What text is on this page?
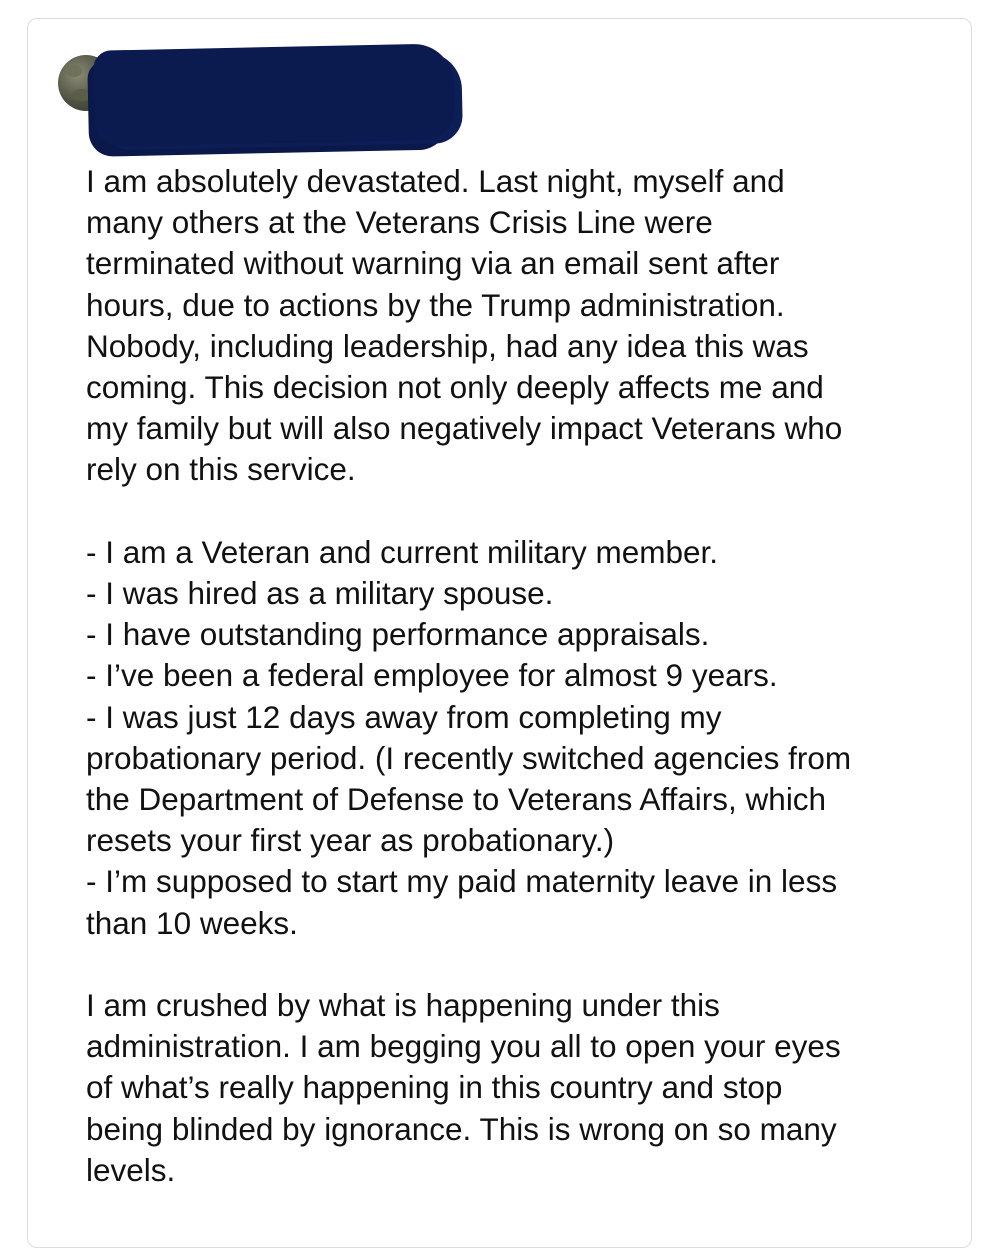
I am absolutely devastated. Last night, myself and

many others at the Veterans Crisis Line were

terminated without warning via an email sent after

hours, due to actions by the Trump administration.

Nobody, including leadership, had any idea this was

coming. This decision not only deeply affects me and

my family but will also negatively impact Veterans who

rely on this service.

- I am a Veteran and current military member.

- I was hired as a military spouse.

- I have outstanding performance appraisals.

- I’ve been a federal employee for almost 9 years.

- I was just 12 days away from completing my

probationary period. (I recently switched agencies from

the Department of Defense to Veterans Affairs, which

resets your first year as probationary.)

- I’m supposed to start my paid maternity leave in less

than 10 weeks.

I am crushed by what is happening under this

administration. I am begging you all to open your eyes

of what’s really happening in this country and stop

being blinded by ignorance. This is wrong on so many

levels.
